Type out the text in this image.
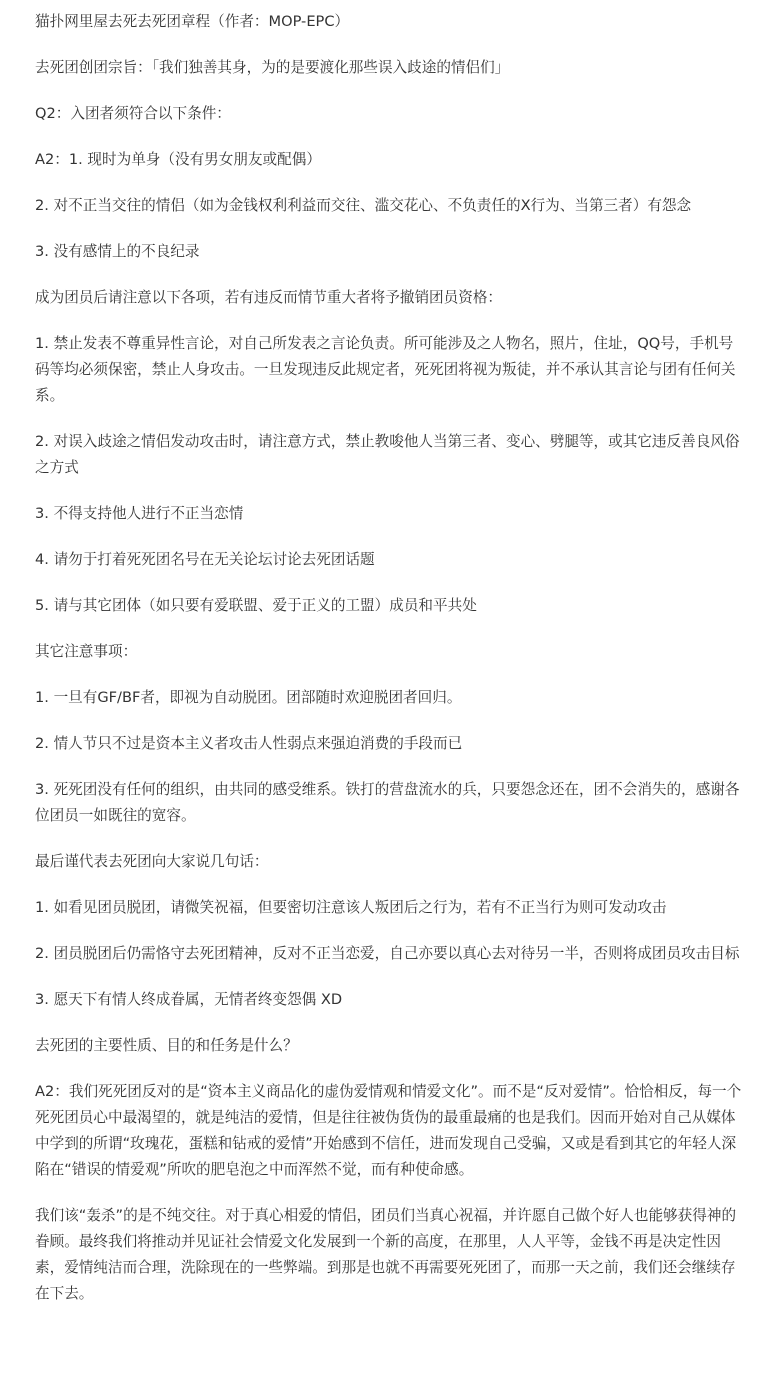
猫扑网里屋去死去死团章程（作者：MOP-EPC）

去死团创团宗旨：「我们独善其身，为的是要渡化那些误入歧途的情侣们」

Q2：入团者须符合以下条件：

A2：1. 现时为单身（没有男女朋友或配偶）

2. 对不正当交往的情侣（如为金钱权利利益而交往、滥交花心、不负责任的X行为、当第三者）有怨念

3. 没有感情上的不良纪录

成为团员后请注意以下各项，若有违反而情节重大者将予撤销团员资格：

1. 禁止发表不尊重异性言论，对自己所发表之言论负责。所可能涉及之人物名，照片，住址，QQ号，手机号码等均必须保密，禁止人身攻击。一旦发现违反此规定者，死死团将视为叛徒，并不承认其言论与团有任何关系。

2. 对误入歧途之情侣发动攻击时，请注意方式，禁止教唆他人当第三者、变心、劈腿等，或其它违反善良风俗之方式

3. 不得支持他人进行不正当恋情

4. 请勿于打着死死团名号在无关论坛讨论去死团话题

5. 请与其它团体（如只要有爱联盟、爱于正义的工盟）成员和平共处

其它注意事项：

1. 一旦有GF/BF者，即视为自动脱团。团部随时欢迎脱团者回归。

2. 情人节只不过是资本主义者攻击人性弱点来强迫消费的手段而已

3. 死死团没有任何的组织，由共同的感受维系。铁打的营盘流水的兵，只要怨念还在，团不会消失的，感谢各位团员一如既往的宽容。

最后谨代表去死团向大家说几句话：

1. 如看见团员脱团，请微笑祝福，但要密切注意该人叛团后之行为，若有不正当行为则可发动攻击

2. 团员脱团后仍需恪守去死团精神，反对不正当恋爱，自己亦要以真心去对待另一半，否则将成团员攻击目标

3. 愿天下有情人终成眷属，无情者终变怨偶 XD

去死团的主要性质、目的和任务是什么？

A2：我们死死团反对的是“资本主义商品化的虚伪爱情观和情爱文化”。而不是“反对爱情”。恰恰相反，每一个死死团员心中最渴望的，就是纯洁的爱情，但是往往被伪货伪的最重最痛的也是我们。因而开始对自己从媒体中学到的所谓“玫瑰花，蛋糕和钻戒的爱情”开始感到不信任，进而发现自己受骗，又或是看到其它的年轻人深陷在“错误的情爱观”所吹的肥皂泡之中而浑然不觉，而有种使命感。

我们该“轰杀”的是不纯交往。对于真心相爱的情侣，团员们当真心祝福，并许愿自己做个好人也能够获得神的眷顾。最终我们将推动并见证社会情爱文化发展到一个新的高度，在那里，人人平等，金钱不再是决定性因素，爱情纯洁而合理，洗除现在的一些弊端。到那是也就不再需要死死团了，而那一天之前，我们还会继续存在下去。
